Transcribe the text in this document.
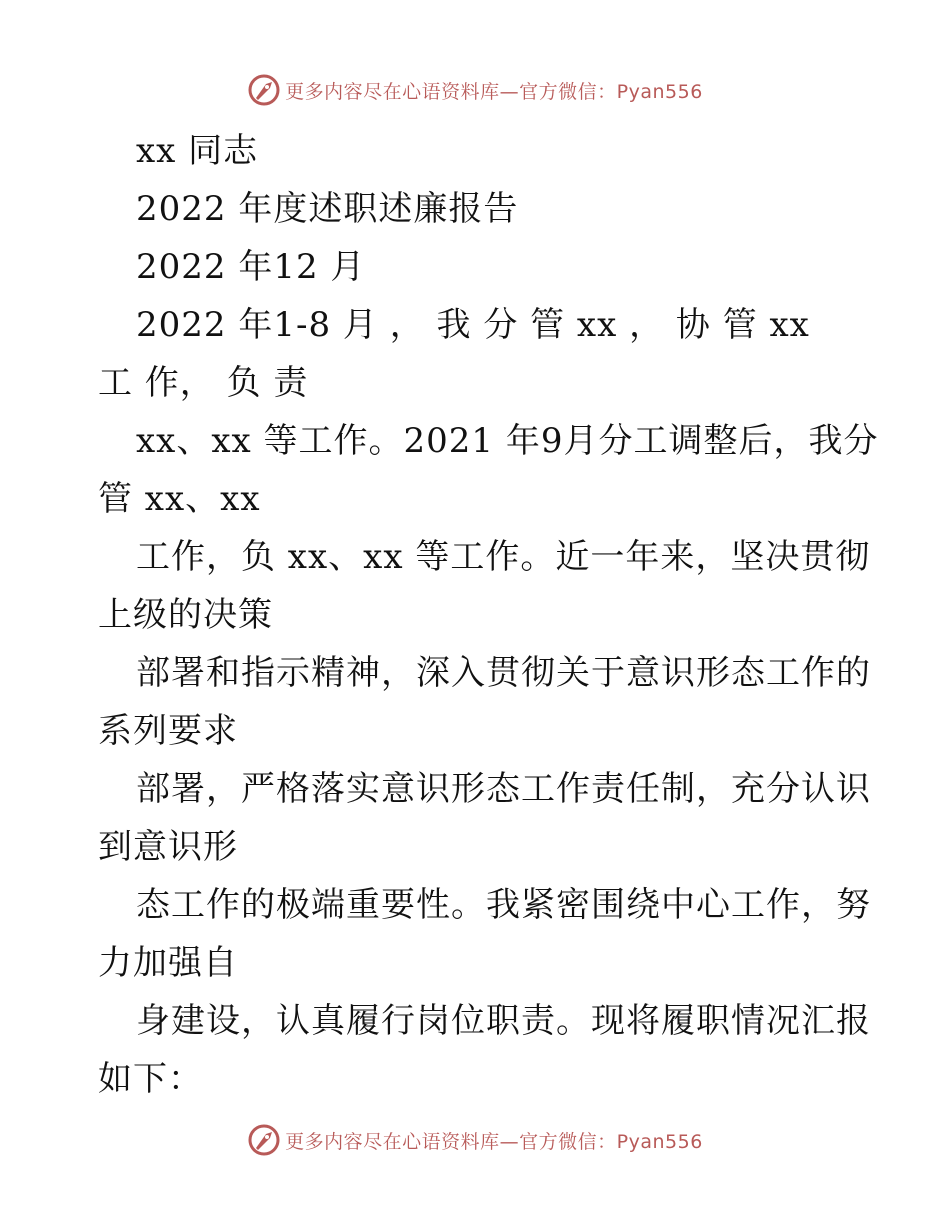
更多内容尽在心语资料库—官方微信：Pyan556
xx 同志
2022 年度述职述廉报告
2022 年12 月
2022 年1-8 月 ， 我 分 管 xx ， 协 管 xx
工 作， 负 责
xx、xx 等工作。2021 年9月分工调整后，我分
管 xx、xx
工作，负 xx、xx 等工作。近一年来，坚决贯彻
上级的决策
部署和指示精神，深入贯彻关于意识形态工作的
系列要求
部署，严格落实意识形态工作责任制，充分认识
到意识形
态工作的极端重要性。我紧密围绕中心工作，努
力加强自
身建设，认真履行岗位职责。现将履职情况汇报
如下：
更多内容尽在心语资料库—官方微信：Pyan556
